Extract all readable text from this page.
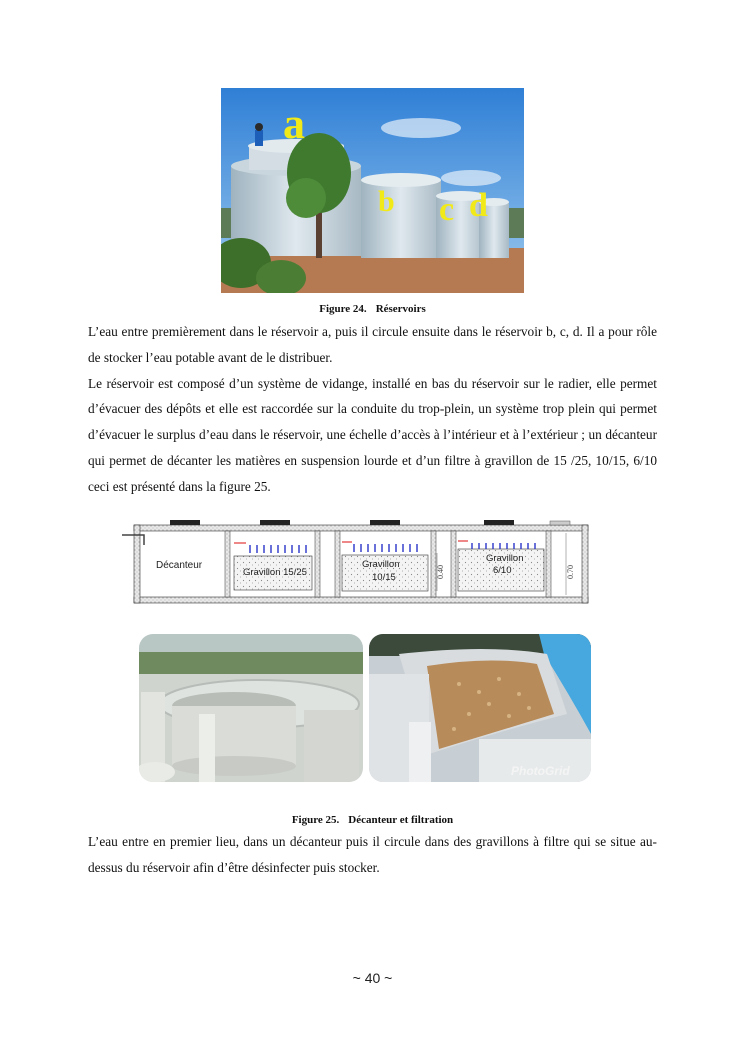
a
b c d
Figure 24. Réservoirs

L’eau entre premièrement dans le réservoir a, puis il circule ensuite dans le réservoir b, c, d. Il a pour rôle de stocker l’eau potable avant de le distribuer.

Le réservoir est composé d’un système de vidange, installé en bas du réservoir sur le radier, elle permet d’évacuer des dépôts et elle est raccordée sur la conduite du trop-plein, un système trop plein qui permet d’évacuer le surplus d’eau dans le réservoir, une échelle d’accès à l’intérieur et à l’extérieur ; un décanteur qui permet de décanter les matières en suspension lourde et d’un filtre à gravillon de 15 /25, 10/15, 6/10 ceci est présenté dans la figure 25.

Décanteur
Gravillon 15/25
Gravillon
10/15
Gravillon
6/10
0.40	0.70
PhotoGrid
Figure 25. Décanteur et filtration

L’eau entre en premier lieu, dans un décanteur puis il circule dans des gravillons à filtre qui se situe au-dessus du réservoir afin d’être désinfecter puis stocker.

~ 40 ~
